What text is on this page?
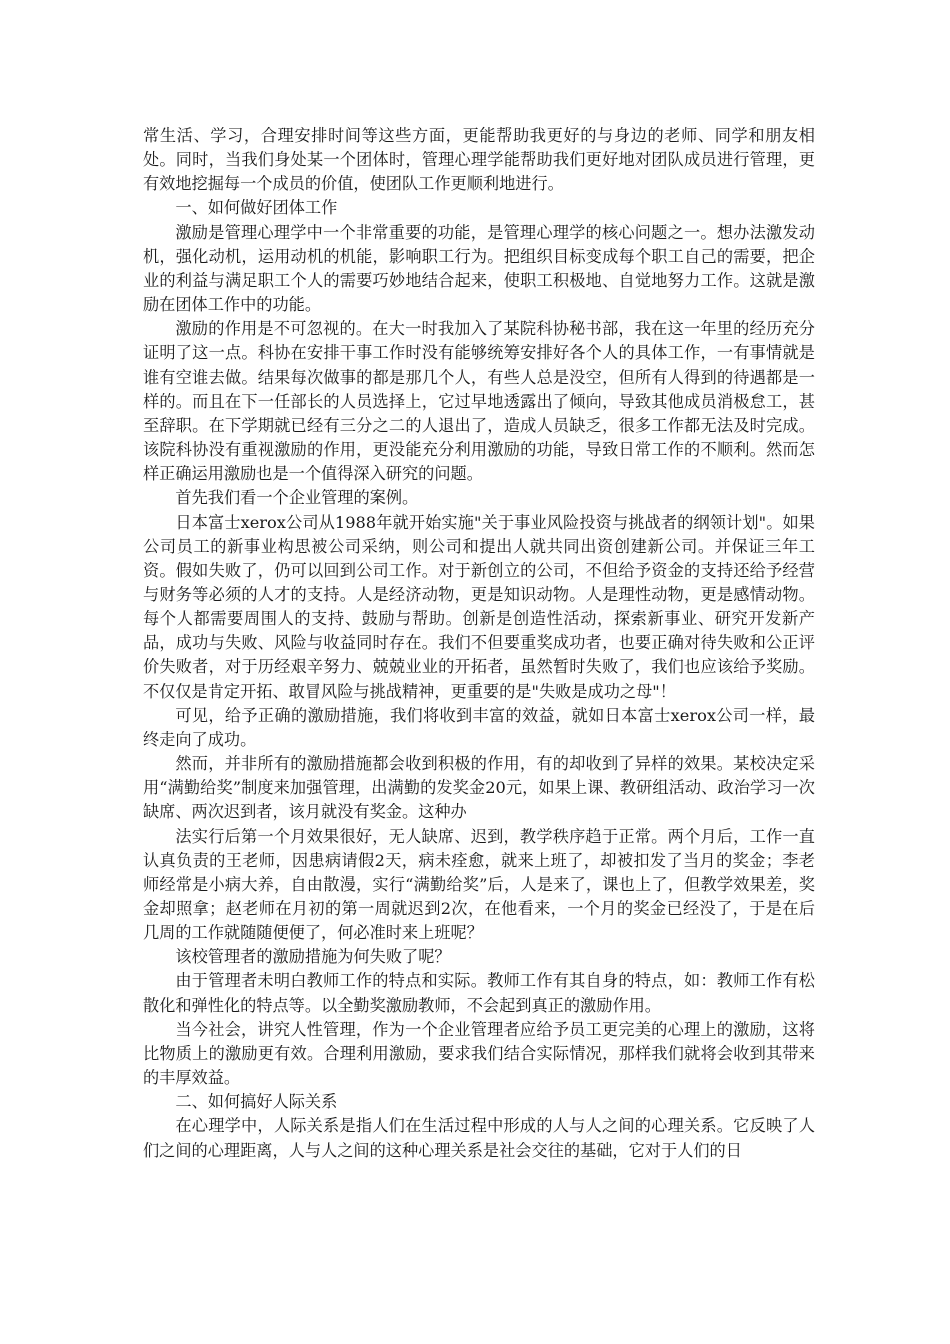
常生活、学习，合理安排时间等这些方面，更能帮助我更好的与身边的老师、同学和朋友相处。同时，当我们身处某一个团体时，管理心理学能帮助我们更好地对团队成员进行管理，更有效地挖掘每一个成员的价值，使团队工作更顺利地进行。

一、如何做好团体工作

激励是管理心理学中一个非常重要的功能，是管理心理学的核心问题之一。想办法激发动机，强化动机，运用动机的机能，影响职工行为。把组织目标变成每个职工自己的需要，把企业的利益与满足职工个人的需要巧妙地结合起来，使职工积极地、自觉地努力工作。这就是激励在团体工作中的功能。

激励的作用是不可忽视的。在大一时我加入了某院科协秘书部，我在这一年里的经历充分证明了这一点。科协在安排干事工作时没有能够统筹安排好各个人的具体工作，一有事情就是谁有空谁去做。结果每次做事的都是那几个人，有些人总是没空，但所有人得到的待遇都是一样的。而且在下一任部长的人员选择上，它过早地透露出了倾向，导致其他成员消极怠工，甚至辞职。在下学期就已经有三分之二的人退出了，造成人员缺乏，很多工作都无法及时完成。该院科协没有重视激励的作用，更没能充分利用激励的功能，导致日常工作的不顺利。然而怎样正确运用激励也是一个值得深入研究的问题。

首先我们看一个企业管理的案例。

日本富士xerox公司从1988年就开始实施"关于事业风险投资与挑战者的纲领计划"。如果公司员工的新事业构思被公司采纳，则公司和提出人就共同出资创建新公司。并保证三年工资。假如失败了，仍可以回到公司工作。对于新创立的公司，不但给予资金的支持还给予经营与财务等必须的人才的支持。人是经济动物，更是知识动物。人是理性动物，更是感情动物。每个人都需要周围人的支持、鼓励与帮助。创新是创造性活动，探索新事业、研究开发新产品，成功与失败、风险与收益同时存在。我们不但要重奖成功者，也要正确对待失败和公正评价失败者，对于历经艰辛努力、兢兢业业的开拓者，虽然暂时失败了，我们也应该给予奖励。不仅仅是肯定开拓、敢冒风险与挑战精神，更重要的是"失败是成功之母"！

可见，给予正确的激励措施，我们将收到丰富的效益，就如日本富士xerox公司一样，最终走向了成功。

然而，并非所有的激励措施都会收到积极的作用，有的却收到了异样的效果。某校决定采用“满勤给奖”制度来加强管理，出满勤的发奖金20元，如果上课、教研组活动、政治学习一次缺席、两次迟到者，该月就没有奖金。这种办

法实行后第一个月效果很好，无人缺席、迟到，教学秩序趋于正常。两个月后，工作一直认真负责的王老师，因患病请假2天，病未痊愈，就来上班了，却被扣发了当月的奖金；李老师经常是小病大养，自由散漫，实行“满勤给奖”后，人是来了，课也上了，但教学效果差，奖金却照拿；赵老师在月初的第一周就迟到2次，在他看来，一个月的奖金已经没了，于是在后几周的工作就随随便便了，何必准时来上班呢？

该校管理者的激励措施为何失败了呢？

由于管理者未明白教师工作的特点和实际。教师工作有其自身的特点，如：教师工作有松散化和弹性化的特点等。以全勤奖激励教师，不会起到真正的激励作用。

当今社会，讲究人性管理，作为一个企业管理者应给予员工更完美的心理上的激励，这将比物质上的激励更有效。合理利用激励，要求我们结合实际情况，那样我们就将会收到其带来的丰厚效益。

二、如何搞好人际关系

在心理学中，人际关系是指人们在生活过程中形成的人与人之间的心理关系。它反映了人们之间的心理距离，人与人之间的这种心理关系是社会交往的基础，它对于人们的日
